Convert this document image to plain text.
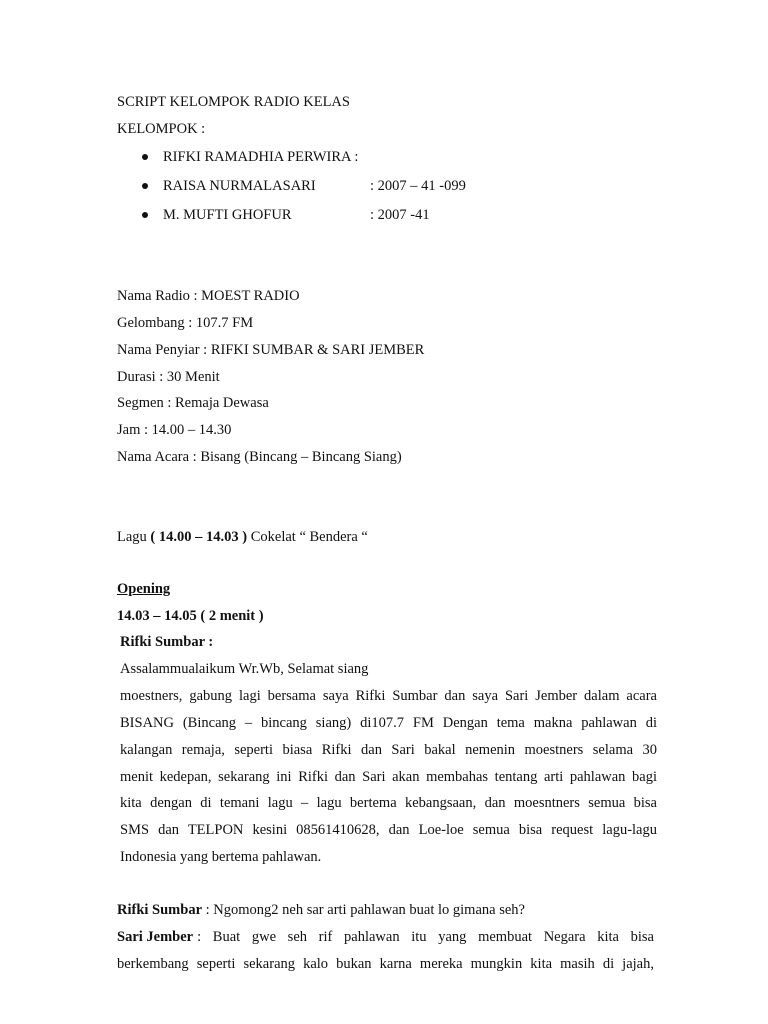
SCRIPT KELOMPOK RADIO KELAS
KELOMPOK :
RIFKI RAMADHIA PERWIRA :
RAISA NURMALASARI	: 2007 – 41 -099
M. MUFTI GHOFUR	: 2007 -41
Nama Radio : MOEST RADIO
Gelombang : 107.7 FM
Nama Penyiar : RIFKI SUMBAR & SARI JEMBER
Durasi : 30 Menit
Segmen : Remaja Dewasa
Jam : 14.00 – 14.30
Nama Acara : Bisang (Bincang – Bincang Siang)
Lagu ( 14.00 – 14.03 ) Cokelat “ Bendera “
Opening
14.03 – 14.05 ( 2 menit )
Rifki Sumbar :
Assalammualaikum Wr.Wb, Selamat siang
moestners, gabung lagi bersama saya Rifki Sumbar dan saya Sari Jember dalam acara
BISANG (Bincang – bincang siang) di107.7 FM Dengan tema makna pahlawan di
kalangan remaja, seperti biasa Rifki dan Sari bakal nemenin moestners selama 30
menit kedepan, sekarang ini Rifki dan Sari akan membahas tentang arti pahlawan bagi
kita dengan di temani lagu – lagu bertema kebangsaan, dan moesntners semua bisa
SMS dan TELPON kesini 08561410628, dan Loe-loe semua bisa request lagu-lagu
Indonesia yang bertema pahlawan.
Rifki Sumbar : Ngomong2 neh sar arti pahlawan buat lo gimana seh?
Sari Jember : Buat gwe seh rif pahlawan itu yang membuat Negara kita bisa
berkembang seperti sekarang kalo bukan karna mereka mungkin kita masih di jajah,
